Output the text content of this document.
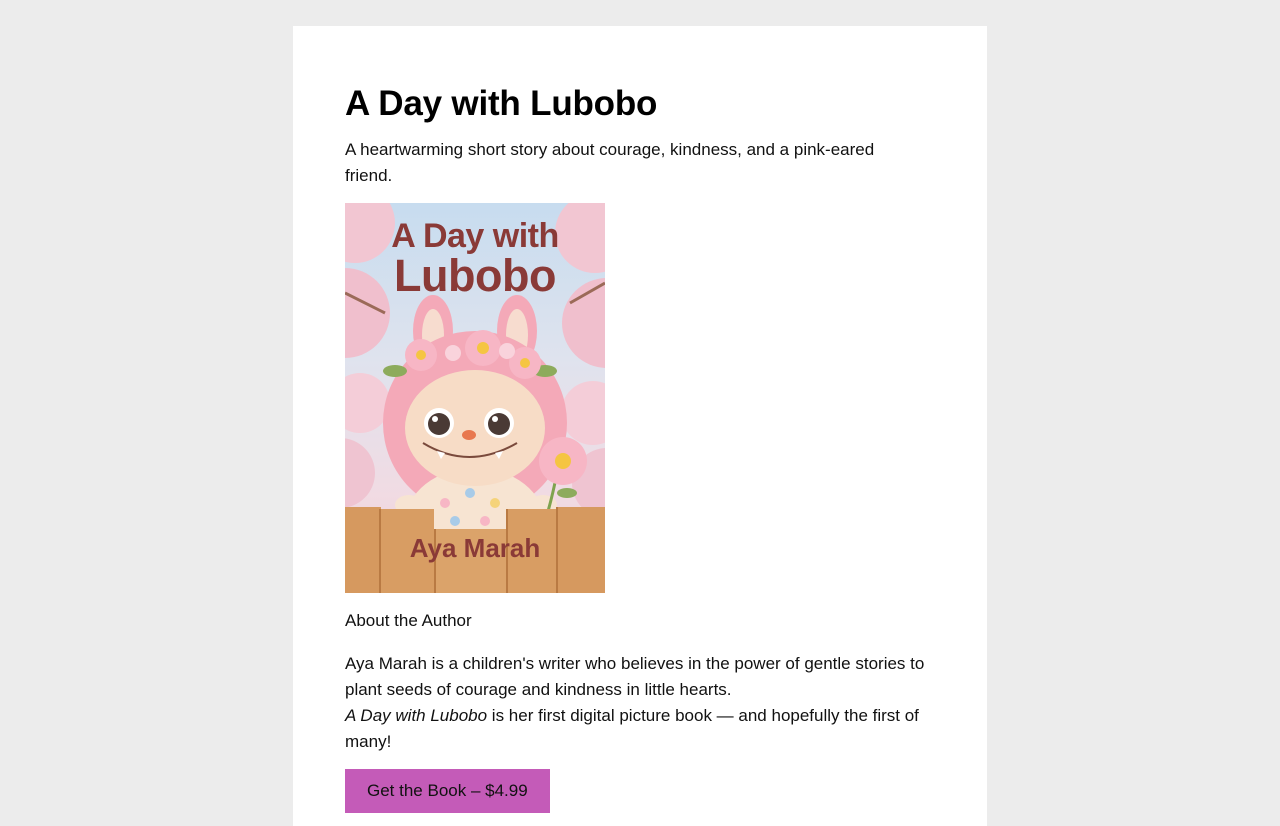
A Day with Lubobo

A heartwarming short story about courage, kindness, and a pink-eared friend.

A Day with
Lubobo
Aya Marah

About the Author

Aya Marah is a children's writer who believes in the power of gentle stories to plant seeds of courage and kindness in little hearts.
A Day with Lubobo is her first digital picture book — and hopefully the first of many!

Get the Book – $4.99
